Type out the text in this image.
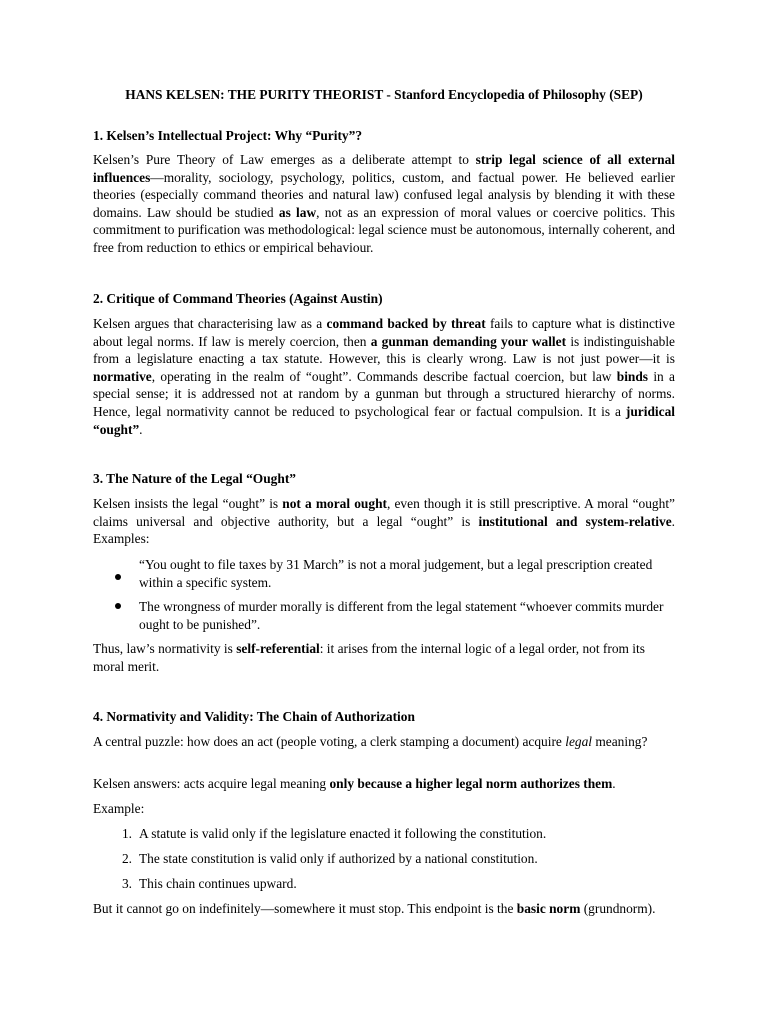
HANS KELSEN: THE PURITY THEORIST - Stanford Encyclopedia of Philosophy (SEP)

1. Kelsen’s Intellectual Project: Why “Purity”?

Kelsen’s Pure Theory of Law emerges as a deliberate attempt to strip legal science of all external influences—morality, sociology, psychology, politics, custom, and factual power. He believed earlier theories (especially command theories and natural law) confused legal analysis by blending it with these domains. Law should be studied as law, not as an expression of moral values or coercive politics. This commitment to purification was methodological: legal science must be autonomous, internally coherent, and free from reduction to ethics or empirical behaviour.

2. Critique of Command Theories (Against Austin)

Kelsen argues that characterising law as a command backed by threat fails to capture what is distinctive about legal norms. If law is merely coercion, then a gunman demanding your wallet is indistinguishable from a legislature enacting a tax statute. However, this is clearly wrong. Law is not just power—it is normative, operating in the realm of “ought”. Commands describe factual coercion, but law binds in a special sense; it is addressed not at random by a gunman but through a structured hierarchy of norms. Hence, legal normativity cannot be reduced to psychological fear or factual compulsion. It is a juridical “ought”.

3. The Nature of the Legal “Ought”

Kelsen insists the legal “ought” is not a moral ought, even though it is still prescriptive. A moral “ought” claims universal and objective authority, but a legal “ought” is institutional and system-relative. Examples:

“You ought to file taxes by 31 March” is not a moral judgement, but a legal prescription created within a specific system.

The wrongness of murder morally is different from the legal statement “whoever commits murder ought to be punished”.

Thus, law’s normativity is self-referential: it arises from the internal logic of a legal order, not from its moral merit.

4. Normativity and Validity: The Chain of Authorization

A central puzzle: how does an act (people voting, a clerk stamping a document) acquire legal meaning?

Kelsen answers: acts acquire legal meaning only because a higher legal norm authorizes them.

Example:

1. A statute is valid only if the legislature enacted it following the constitution.

2. The state constitution is valid only if authorized by a national constitution.

3. This chain continues upward.

But it cannot go on indefinitely—somewhere it must stop. This endpoint is the basic norm (grundnorm).
